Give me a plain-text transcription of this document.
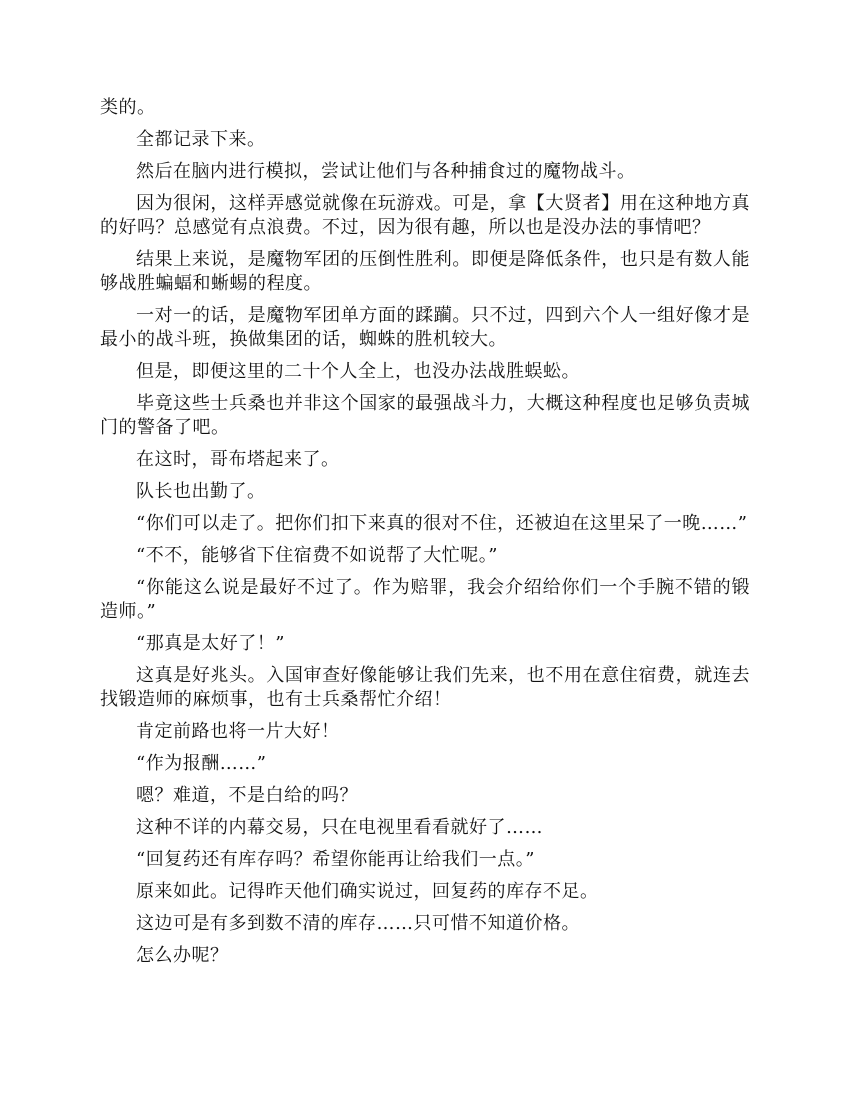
类的。

全都记录下来。

然后在脑内进行模拟，尝试让他们与各种捕食过的魔物战斗。

因为很闲，这样弄感觉就像在玩游戏。可是，拿【大贤者】用在这种地方真的好吗？总感觉有点浪费。不过，因为很有趣，所以也是没办法的事情吧？

结果上来说，是魔物军团的压倒性胜利。即便是降低条件，也只是有数人能够战胜蝙蝠和蜥蜴的程度。

一对一的话，是魔物军团单方面的蹂躏。只不过，四到六个人一组好像才是最小的战斗班，换做集团的话，蜘蛛的胜机较大。

但是，即便这里的二十个人全上，也没办法战胜蜈蚣。

毕竟这些士兵桑也并非这个国家的最强战斗力，大概这种程度也足够负责城门的警备了吧。

在这时，哥布塔起来了。

队长也出勤了。

“你们可以走了。把你们扣下来真的很对不住，还被迫在这里呆了一晚……”

“不不，能够省下住宿费不如说帮了大忙呢。”

“你能这么说是最好不过了。作为赔罪，我会介绍给你们一个手腕不错的锻造师。”

“那真是太好了！”

这真是好兆头。入国审查好像能够让我们先来，也不用在意住宿费，就连去找锻造师的麻烦事，也有士兵桑帮忙介绍！

肯定前路也将一片大好！

“作为报酬……”

嗯？难道，不是白给的吗？

这种不详的内幕交易，只在电视里看看就好了……

“回复药还有库存吗？希望你能再让给我们一点。”

原来如此。记得昨天他们确实说过，回复药的库存不足。

这边可是有多到数不清的库存……只可惜不知道价格。

怎么办呢？
